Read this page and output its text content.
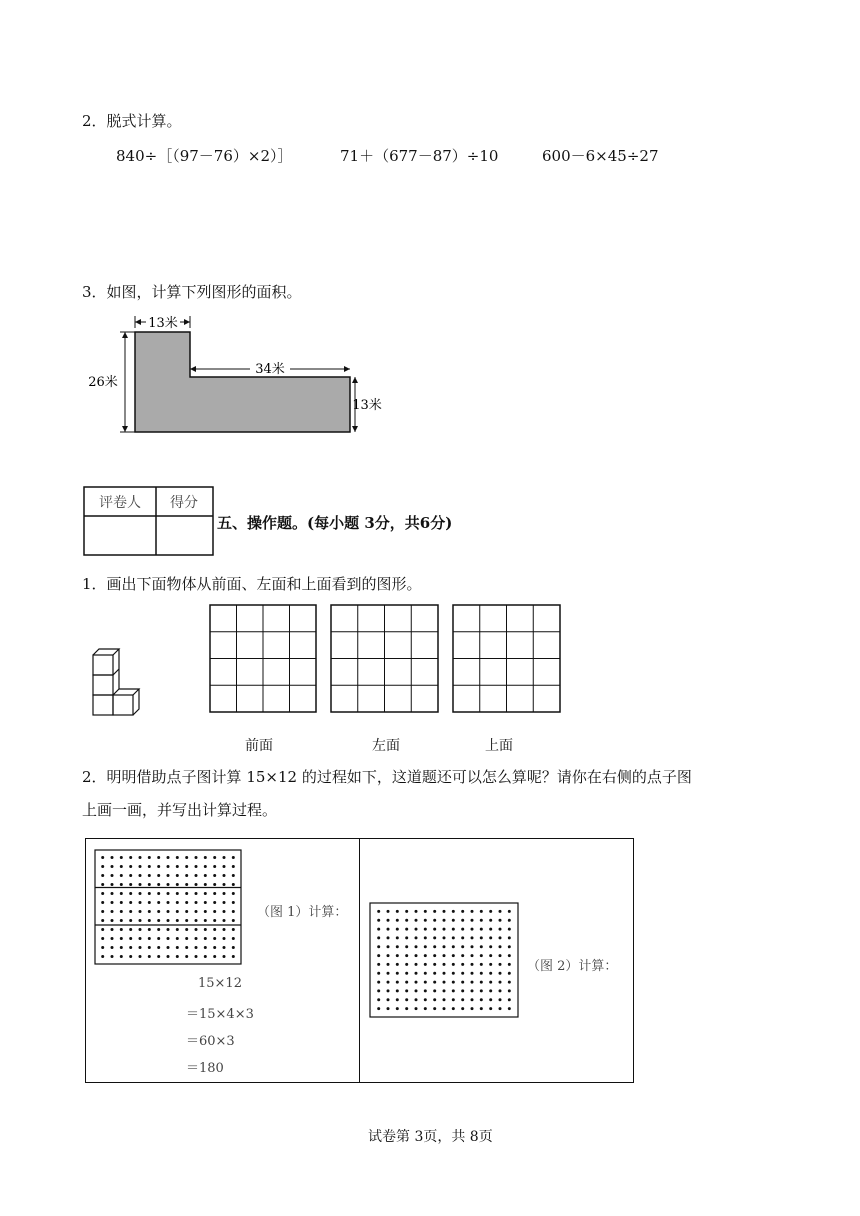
2．脱式计算。
840÷［（97－76）×2）］	71＋（677－87）÷10	600－6×45÷27
3．如图，计算下列图形的面积。
13米
34米
26米
13米
评卷人 得分
五、操作题。(每小题 3分，共6分)
1．画出下面物体从前面、左面和上面看到的图形。
前面	左面	上面
2．明明借助点子图计算 15×12 的过程如下，这道题还可以怎么算呢？请你在右侧的点子图
上画一画，并写出计算过程。
（图 1）计算：
15×12
＝15×4×3
＝60×3
＝180
（图 2）计算：
试卷第 3页，共 8页
